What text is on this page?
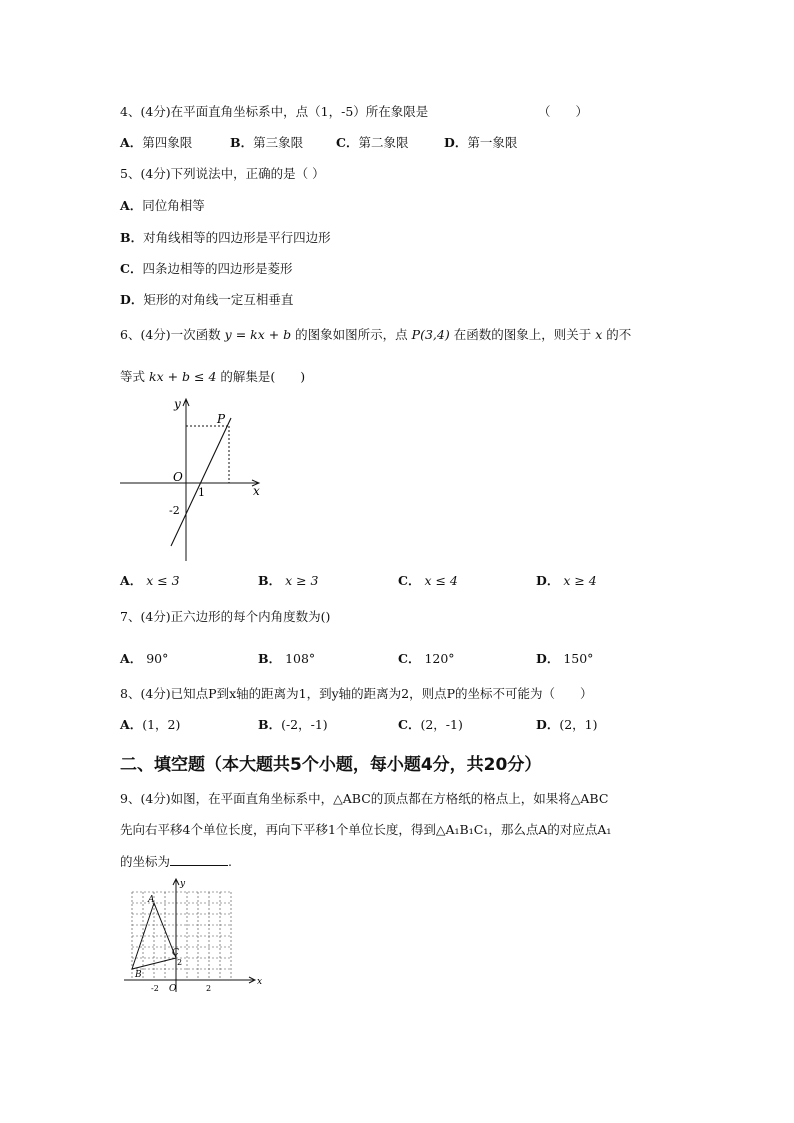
4、(4分)在平面直角坐标系中，点（1，-5）所在象限是	（　　）
A．第四象限	B．第三象限	C．第二象限	D．第一象限
5、(4分)下列说法中，正确的是（ ）
A．同位角相等
B．对角线相等的四边形是平行四边形
C．四条边相等的四边形是菱形
D．矩形的对角线一定互相垂直
6、(4分)一次函数 y = kx + b 的图象如图所示，点 P(3,4) 在函数的图象上，则关于 x 的不
等式 kx + b ≤ 4 的解集是(　　)
y
x
O
P
1
-2
A． x ≤ 3	B． x ≥ 3	C． x ≤ 4	D． x ≥ 4
7、(4分)正六边形的每个内角度数为()
A． 90°	B． 108°	C． 120°	D． 150°
8、(4分)已知点P到x轴的距离为1，到y轴的距离为2，则点P的坐标不可能为（　　）
A．(1，2)	B．(-2，-1)	C．(2，-1)	D．(2，1)
二、填空题（本大题共5个小题，每小题4分，共20分）
9、(4分)如图，在平面直角坐标系中，△ABC的顶点都在方格纸的格点上，如果将△ABC
先向右平移4个单位长度，再向下平移1个单位长度，得到△A₁B₁C₁，那么点A的对应点A₁
的坐标为	.
y
x
O
A
B
C
-2	2
2
